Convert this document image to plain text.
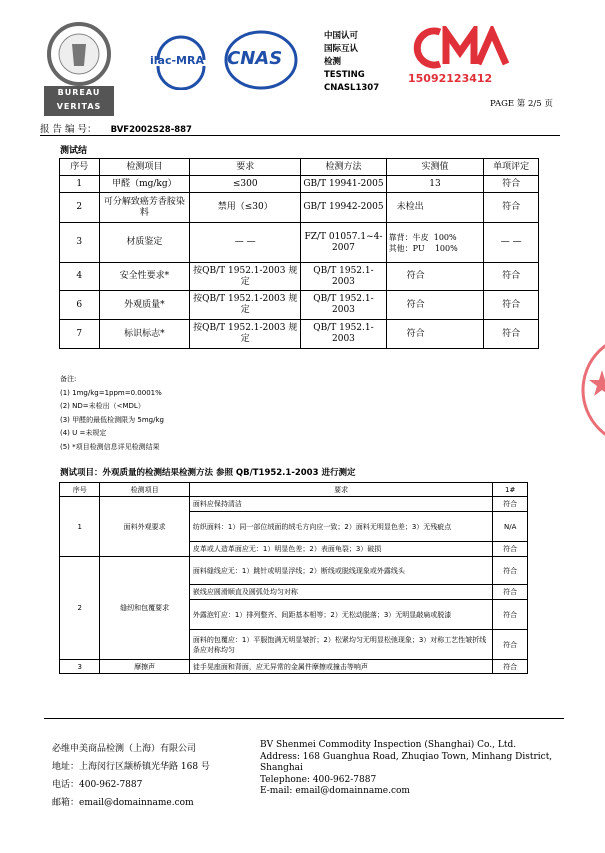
BUREAU
VERITAS
ilac-MRA CNAS
中国认可
国际互认
检测
TESTING
CNASL1307
15092123412
PAGE 第 2/5 页
报 告 编 号： BVF2002S28-887
测试结
序号	检测项目	要求	检测方法	实测值	单项评定
1	甲醛（mg/kg）	≤300	GB/T 19941-2005	13	符合
2	可分解致癌芳香胺染料	禁用（≤30）	GB/T 19942-2005	未检出	符合
3	材质鉴定	— —	FZ/T 01057.1~4-2007	靠背：牛皮  100%
其他：PU    100%	— —
4	安全性要求*	按QB/T 1952.1-2003 规定	QB/T 1952.1-2003	符合	符合
6	外观质量*	按QB/T 1952.1-2003 规定	QB/T 1952.1-2003	符合	符合
7	标识标志*	按QB/T 1952.1-2003 规定	QB/T 1952.1-2003	符合	符合
备注:
(1) 1mg/kg=1ppm=0.0001%
(2) ND=未检出（<MDL）
(3) 甲醛的最低检测限为 5mg/kg
(4) U =未规定
(5) *项目检测信息详见检测结果
测试项目：外观质量的检测结果检测方法 参照 QB/T1952.1-2003 进行测定
序号	检测项目	要求	1#
1	面料外观要求	面料应保持清洁	符合
		纺织面料：1）同一部位绒面的绒毛方向应一致；2）面料无明显色差；3）无残疵点	N/A
		皮革或人造革面应无：1）明显色差；2）表面龟裂；3）破损	符合
2	缝纫和包覆要求	面料缝线应无：1）跳针或明显浮线；2）断线或脱线现象或外露线头	符合
		嵌线应圆滑顺直及圆弧处均匀对称	符合
		外露泡钉应：1）排列整齐、间距基本相等；2）无松动脱落；3）无明显敲扁或脱漆	符合
		面料的包覆应：1）平服饱满无明显皱折；2）松紧均匀无明显松弛现象；3）对称工艺性皱折线条应对称均匀	符合
3	摩擦声	徒手晃座面和背面，应无异常的金属件摩擦或撞击等响声	符合
必维申美商品检测（上海）有限公司
地址：上海闵行区颛桥镇光华路 168 号
电话：400-962-7887
邮箱：email@domainname.com
BV Shenmei Commodity Inspection (Shanghai) Co., Ltd.
Address: 168 Guanghua Road, Zhuqiao Town, Minhang District, Shanghai
Telephone: 400-962-7887
E-mail: email@domainname.com
